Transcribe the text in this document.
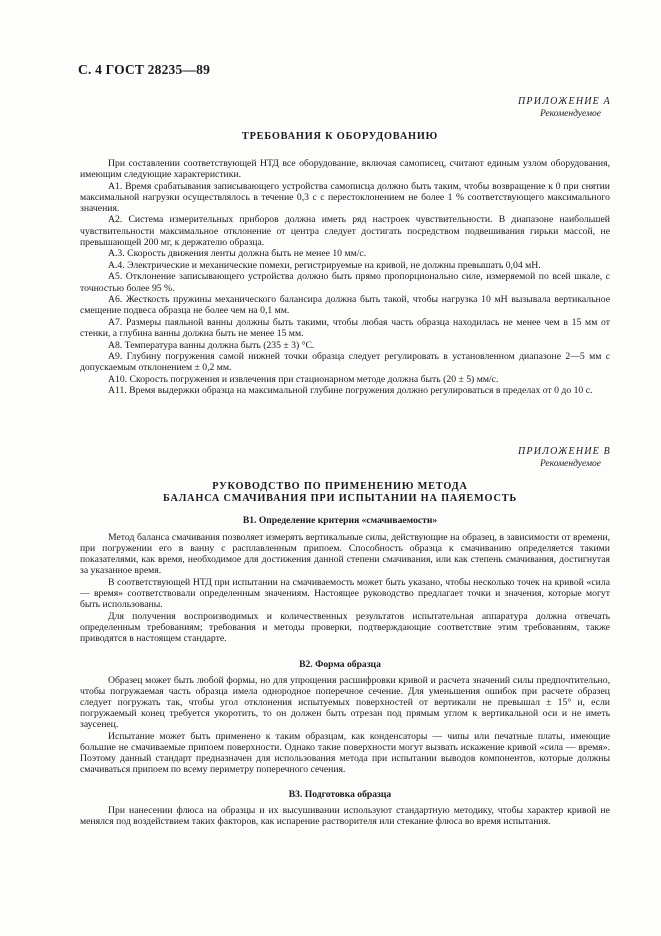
С. 4 ГОСТ 28235—89
ПРИЛОЖЕНИЕ А
Рекомендуемое
ТРЕБОВАНИЯ К ОБОРУДОВАНИЮ

При составлении соответствующей НТД все оборудование, включая самописец, считают единым узлом оборудования, имеющим следующие характеристики.

А1. Время срабатывания записывающего устройства самописца должно быть таким, чтобы возвращение к 0 при снятии максимальной нагрузки осуществлялось в течение 0,3 с с перестоклонением не более 1 % соответствующего максимального значения.

А2. Система измерительных приборов должна иметь ряд настроек чувствительности. В диапазоне наибольшей чувствительности максимальное отклонение от центра следует достигать посредством подвешивания гирьки массой, не превышающей 200 мг, к держателю образца.

А.3. Скорость движения ленты должна быть не менее 10 мм/с.

А.4. Электрические и механические помехи, регистрируемые на кривой, не должны превышать 0,04 мН.

А5. Отклонение записывающего устройства должно быть прямо пропорционально силе, измеряемой по всей шкале, с точностью более 95 %.

А6. Жесткость пружины механического балансира должна быть такой, чтобы нагрузка 10 мН вызывала вертикальное смещение подвеса образца не более чем на 0,1 мм.

А7. Размеры паяльной ванны должны быть такими, чтобы любая часть образца находилась не менее чем в 15 мм от стенки, а глубина ванны должна быть не менее 15 мм.

А8. Температура ванны должна быть (235 ± 3) °С.

А9. Глубину погружения самой нижней точки образца следует регулировать в установленном диапазоне 2—5 мм с допускаемым отклонением ± 0,2 мм.

А10. Скорость погружения и извлечения при стационарном методе должна быть (20 ± 5) мм/с.

А11. Время выдержки образца на максимальной глубине погружения должно регулироваться в пределах от 0 до 10 с.

ПРИЛОЖЕНИЕ В
Рекомендуемое
РУКОВОДСТВО ПО ПРИМЕНЕНИЮ МЕТОДА
БАЛАНСА СМАЧИВАНИЯ ПРИ ИСПЫТАНИИ НА ПАЯЕМОСТЬ
В1. Определение критерия «смачиваемости»

Метод баланса смачивания позволяет измерять вертикальные силы, действующие на образец, в зависимости от времени, при погружении его в ванну с расплавленным припоем. Способность образца к смачиванию определяется такими показателями, как время, необходимое для достижения данной степени смачивания, или как степень смачивания, достигнутая за указанное время.

В соответствующей НТД при испытании на смачиваемость может быть указано, чтобы несколько точек на кривой «сила — время» соответствовали определенным значениям. Настоящее руководство предлагает точки и значения, которые могут быть использованы.

Для получения воспроизводимых и количественных результатов испытательная аппаратура должна отвечать определенным требованиям; требования и методы проверки, подтверждающие соответствие этим требованиям, также приводятся в настоящем стандарте.

В2. Форма образца

Образец может быть любой формы, но для упрощения расшифровки кривой и расчета значений силы предпочтительно, чтобы погружаемая часть образца имела однородное поперечное сечение. Для уменьшения ошибок при расчете образец следует погружать так, чтобы угол отклонения испытуемых поверхностей от вертикали не превышал ± 15° и, если погружаемый конец требуется укоротить, то он должен быть отрезан под прямым углом к вертикальной оси и не иметь заусенец.

Испытание может быть применено к таким образцам, как конденсаторы — чипы или печатные платы, имеющие большие не смачиваемые припоем поверхности. Однако такие поверхности могут вызвать искажение кривой «сила — время». Поэтому данный стандарт предназначен для использования метода при испытании выводов компонентов, которые должны смачиваться припоем по всему периметру поперечного сечения.

В3. Подготовка образца

При нанесении флюса на образцы и их высушивании используют стандартную методику, чтобы характер кривой не менялся под воздействием таких факторов, как испарение растворителя или стекание флюса во время испытания.
